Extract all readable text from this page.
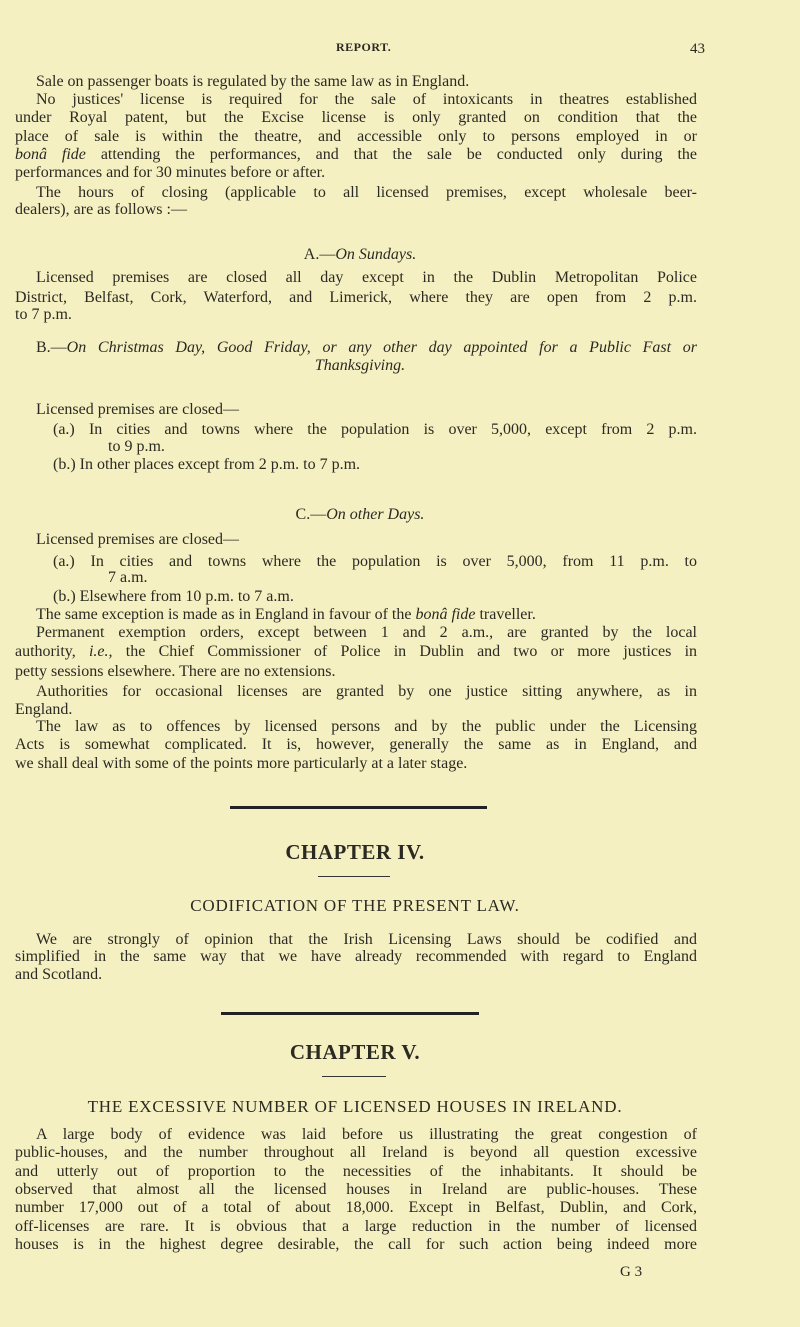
REPORT.	43
Sale on passenger boats is regulated by the same law as in England.
No justices' license is required for the sale of intoxicants in theatres established
under Royal patent, but the Excise license is only granted on condition that the
place of sale is within the theatre, and accessible only to persons employed in or
bonâ fide attending the performances, and that the sale be conducted only during the
performances and for 30 minutes before or after.
The hours of closing (applicable to all licensed premises, except wholesale beer-
dealers), are as follows :—
A.—On Sundays.
Licensed premises are closed all day except in the Dublin Metropolitan Police
District, Belfast, Cork, Waterford, and Limerick, where they are open from 2 p.m.
to 7 p.m.
B.—On Christmas Day, Good Friday, or any other day appointed for a Public Fast or
Thanksgiving.
Licensed premises are closed—
(a.) In cities and towns where the population is over 5,000, except from 2 p.m.
to 9 p.m.
(b.) In other places except from 2 p.m. to 7 p.m.
C.—On other Days.
Licensed premises are closed—
(a.) In cities and towns where the population is over 5,000, from 11 p.m. to
7 a.m.
(b.) Elsewhere from 10 p.m. to 7 a.m.
The same exception is made as in England in favour of the bonâ fide traveller.
Permanent exemption orders, except between 1 and 2 a.m., are granted by the local
authority, i.e., the Chief Commissioner of Police in Dublin and two or more justices in
petty sessions elsewhere. There are no extensions.
Authorities for occasional licenses are granted by one justice sitting anywhere, as in
England.
The law as to offences by licensed persons and by the public under the Licensing
Acts is somewhat complicated. It is, however, generally the same as in England, and
we shall deal with some of the points more particularly at a later stage.
CHAPTER IV.
CODIFICATION OF THE PRESENT LAW.
We are strongly of opinion that the Irish Licensing Laws should be codified and
simplified in the same way that we have already recommended with regard to England
and Scotland.
CHAPTER V.
THE EXCESSIVE NUMBER OF LICENSED HOUSES IN IRELAND.
A large body of evidence was laid before us illustrating the great congestion of
public-houses, and the number throughout all Ireland is beyond all question excessive
and utterly out of proportion to the necessities of the inhabitants. It should be
observed that almost all the licensed houses in Ireland are public-houses. These
number 17,000 out of a total of about 18,000. Except in Belfast, Dublin, and Cork,
off-licenses are rare. It is obvious that a large reduction in the number of licensed
houses is in the highest degree desirable, the call for such action being indeed more
G 3
